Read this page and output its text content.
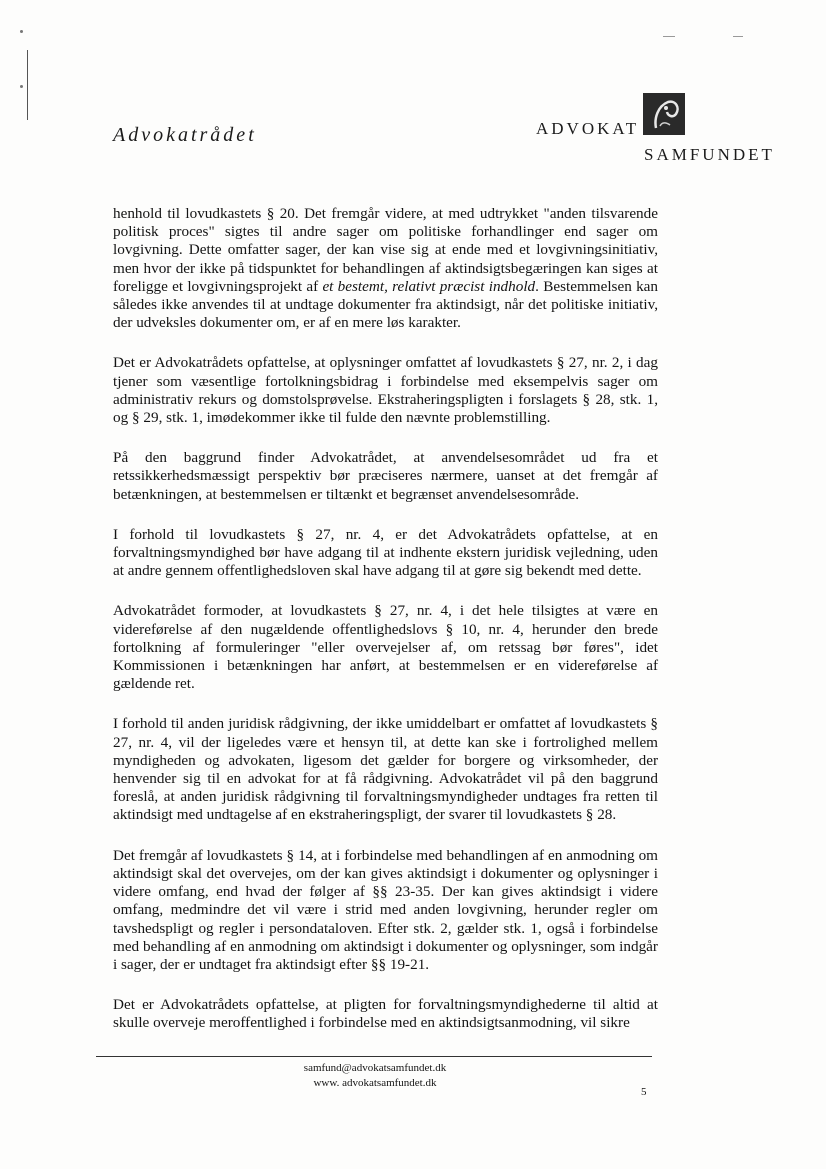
Advokatrådet	ADVOKAT
SAMFUNDET

henhold til lovudkastets § 20. Det fremgår videre, at med udtrykket "anden tilsvarende politisk proces" sigtes til andre sager om politiske forhandlinger end sager om lovgivning. Dette omfatter sager, der kan vise sig at ende med et lovgivningsinitiativ, men hvor der ikke på tidspunktet for behandlingen af aktindsigtsbegæringen kan siges at foreligge et lovgivningsprojekt af et bestemt, relativt præcist indhold. Bestemmelsen kan således ikke anvendes til at undtage dokumenter fra aktindsigt, når det politiske initiativ, der udveksles dokumenter om, er af en mere løs karakter.

Det er Advokatrådets opfattelse, at oplysninger omfattet af lovudkastets § 27, nr. 2, i dag tjener som væsentlige fortolkningsbidrag i forbindelse med eksempelvis sager om administrativ rekurs og domstolsprøvelse. Ekstraheringspligten i forslagets § 28, stk. 1, og § 29, stk. 1, imødekommer ikke til fulde den nævnte problemstilling.

På den baggrund finder Advokatrådet, at anvendelsesområdet ud fra et retssikkerhedsmæssigt perspektiv bør præciseres nærmere, uanset at det fremgår af betænkningen, at bestemmelsen er tiltænkt et begrænset anvendelsesområde.

I forhold til lovudkastets § 27, nr. 4, er det Advokatrådets opfattelse, at en forvaltningsmyndighed bør have adgang til at indhente ekstern juridisk vejledning, uden at andre gennem offentlighedsloven skal have adgang til at gøre sig bekendt med dette.

Advokatrådet formoder, at lovudkastets § 27, nr. 4, i det hele tilsigtes at være en videreførelse af den nugældende offentlighedslovs § 10, nr. 4, herunder den brede fortolkning af formuleringer "eller overvejelser af, om retssag bør føres", idet Kommissionen i betænkningen har anført, at bestemmelsen er en videreførelse af gældende ret.

I forhold til anden juridisk rådgivning, der ikke umiddelbart er omfattet af lovudkastets § 27, nr. 4, vil der ligeledes være et hensyn til, at dette kan ske i fortrolighed mellem myndigheden og advokaten, ligesom det gælder for borgere og virksomheder, der henvender sig til en advokat for at få rådgivning. Advokatrådet vil på den baggrund foreslå, at anden juridisk rådgivning til forvaltningsmyndigheder undtages fra retten til aktindsigt med undtagelse af en ekstraheringspligt, der svarer til lovudkastets § 28.

Det fremgår af lovudkastets § 14, at i forbindelse med behandlingen af en anmodning om aktindsigt skal det overvejes, om der kan gives aktindsigt i dokumenter og oplysninger i videre omfang, end hvad der følger af §§ 23-35. Der kan gives aktindsigt i videre omfang, medmindre det vil være i strid med anden lovgivning, herunder regler om tavshedspligt og regler i persondataloven. Efter stk. 2, gælder stk. 1, også i forbindelse med behandling af en anmodning om aktindsigt i dokumenter og oplysninger, som indgår i sager, der er undtaget fra aktindsigt efter §§ 19-21.

Det er Advokatrådets opfattelse, at pligten for forvaltningsmyndighederne til altid at skulle overveje meroffentlighed i forbindelse med en aktindsigtsanmodning, vil sikre

samfund@advokatsamfundet.dk
www. advokatsamfundet.dk
5
